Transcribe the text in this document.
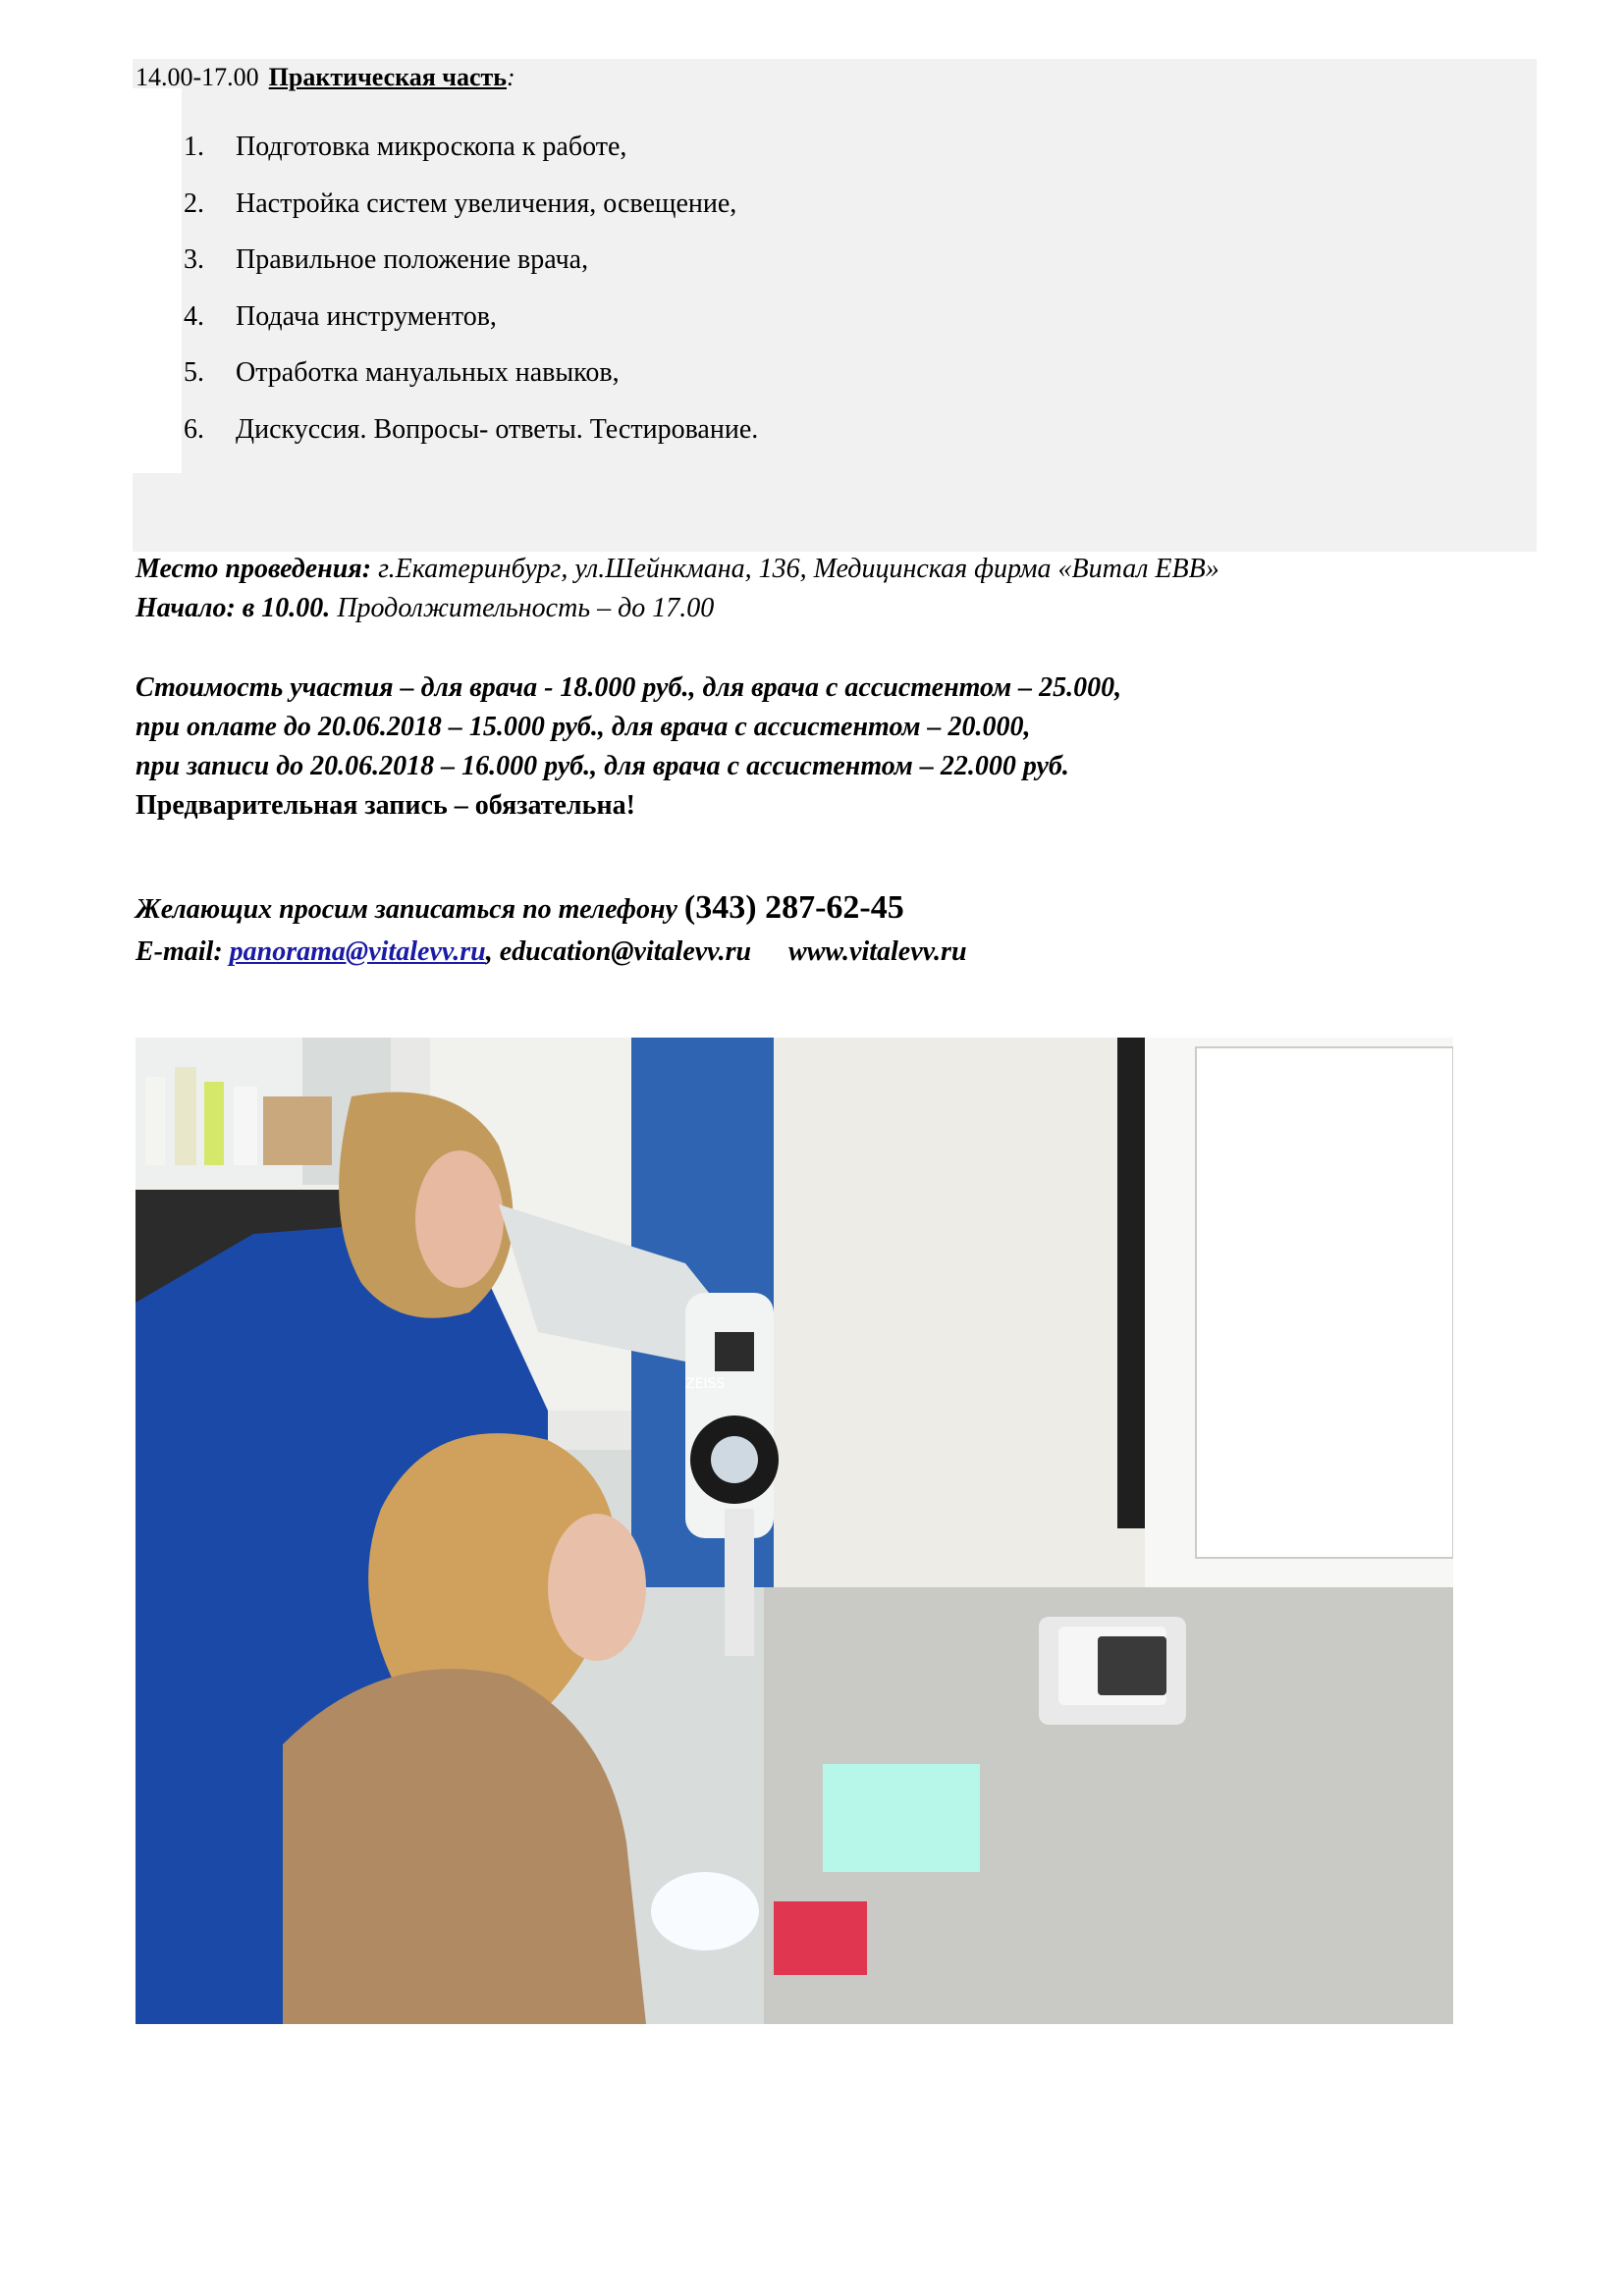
14.00-17.00 Практическая часть:
1. Подготовка микроскопа к работе,
2. Настройка систем увеличения, освещение,
3. Правильное положение врача,
4. Подача инструментов,
5. Отработка мануальных навыков,
6. Дискуссия. Вопросы- ответы. Тестирование.
Место проведения: г.Екатеринбург, ул.Шейнкмана, 136, Медицинская фирма «Витал ЕВВ»
Начало: в 10.00. Продолжительность – до 17.00
Стоимость участия – для врача - 18.000 руб., для врача с ассистентом – 25.000,
при оплате до 20.06.2018 – 15.000 руб., для врача с ассистентом – 20.000,
при записи до 20.06.2018 – 16.000 руб., для врача с ассистентом – 22.000 руб.
Предварительная запись – обязательна!
Желающих просим записаться по телефону (343) 287-62-45
E-mail: panorama@vitalevv.ru, education@vitalevv.ru www.vitalevv.ru
ZEISS
